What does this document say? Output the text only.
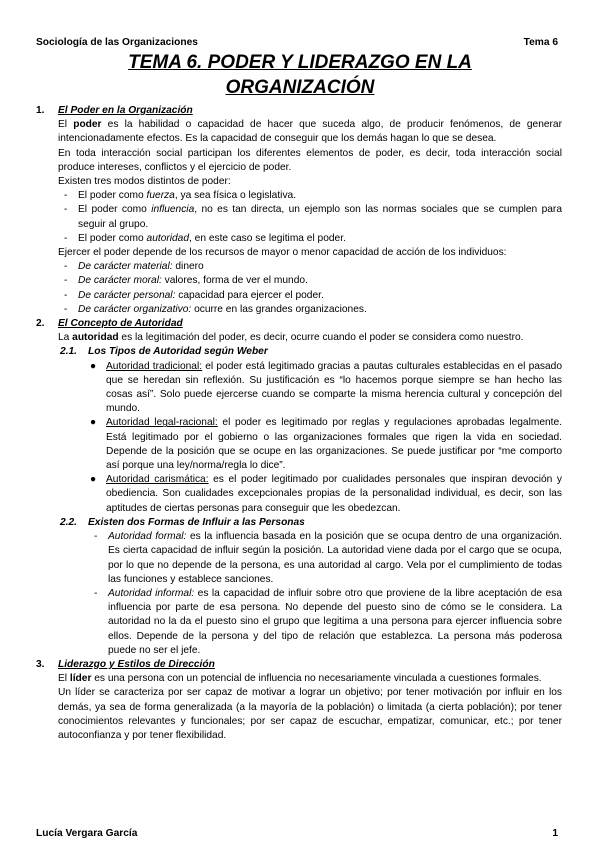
Sociología de las Organizaciones	Tema 6
TEMA 6. PODER Y LIDERAZGO EN LA
ORGANIZACIÓN
1.	El Poder en la Organización
El poder es la habilidad o capacidad de hacer que suceda algo, de producir fenómenos, de generar intencionadamente efectos. Es la capacidad de conseguir que los demás hagan lo que se desea.
En toda interacción social participan los diferentes elementos de poder, es decir, toda interacción social produce intereses, conflictos y el ejercicio de poder.
Existen tres modos distintos de poder:
-	El poder como fuerza, ya sea física o legislativa.
-	El poder como influencia, no es tan directa, un ejemplo son las normas sociales que se cumplen para seguir al grupo.
-	El poder como autoridad, en este caso se legitima el poder.
Ejercer el poder depende de los recursos de mayor o menor capacidad de acción de los individuos:
-	De carácter material: dinero
-	De carácter moral: valores, forma de ver el mundo.
-	De carácter personal: capacidad para ejercer el poder.
-	De carácter organizativo: ocurre en las grandes organizaciones.
2.	El Concepto de Autoridad
La autoridad es la legitimación del poder, es decir, ocurre cuando el poder se considera como nuestro.
2.1.	Los Tipos de Autoridad según Weber
● Autoridad tradicional: el poder está legitimado gracias a pautas culturales establecidas en el pasado que se heredan sin reflexión. Su justificación es “lo hacemos porque siempre se han hecho las cosas así”. Solo puede ejercerse cuando se comparte la misma herencia cultural y concepción del mundo.
● Autoridad legal-racional: el poder es legitimado por reglas y regulaciones aprobadas legalmente. Está legitimado por el gobierno o las organizaciones formales que rigen la vida en sociedad. Depende de la posición que se ocupe en las organizaciones. Se puede justificar por “me comporto así porque una ley/norma/regla lo dice”.
● Autoridad carismática: es el poder legitimado por cualidades personales que inspiran devoción y obediencia. Son cualidades excepcionales propias de la personalidad individual, es decir, son las aptitudes de ciertas personas para conseguir que les obedezcan.
2.2.	Existen dos Formas de Influir a las Personas
-	Autoridad formal: es la influencia basada en la posición que se ocupa dentro de una organización. Es cierta capacidad de influir según la posición. La autoridad viene dada por el cargo que se ocupa, por lo que no depende de la persona, es una autoridad al cargo. Vela por el cumplimiento de todas las funciones y establece sanciones.
-	Autoridad informal: es la capacidad de influir sobre otro que proviene de la libre aceptación de esa influencia por parte de esa persona. No depende del puesto sino de cómo se le considera. La autoridad no la da el puesto sino el grupo que legitima a una persona para ejercer influencia sobre ellos. Depende de la persona y del tipo de relación que establezca. La persona más poderosa puede no ser el jefe.
3.	Liderazgo y Estilos de Dirección
El líder es una persona con un potencial de influencia no necesariamente vinculada a cuestiones formales.
Un líder se caracteriza por ser capaz de motivar a lograr un objetivo; por tener motivación por influir en los demás, ya sea de forma generalizada (a la mayoría de la población) o limitada (a cierta población); por tener conocimientos relevantes y funcionales; por ser capaz de escuchar, empatizar, comunicar, etc.; por tener autoconfianza y por tener flexibilidad.
Lucía Vergara García	1
